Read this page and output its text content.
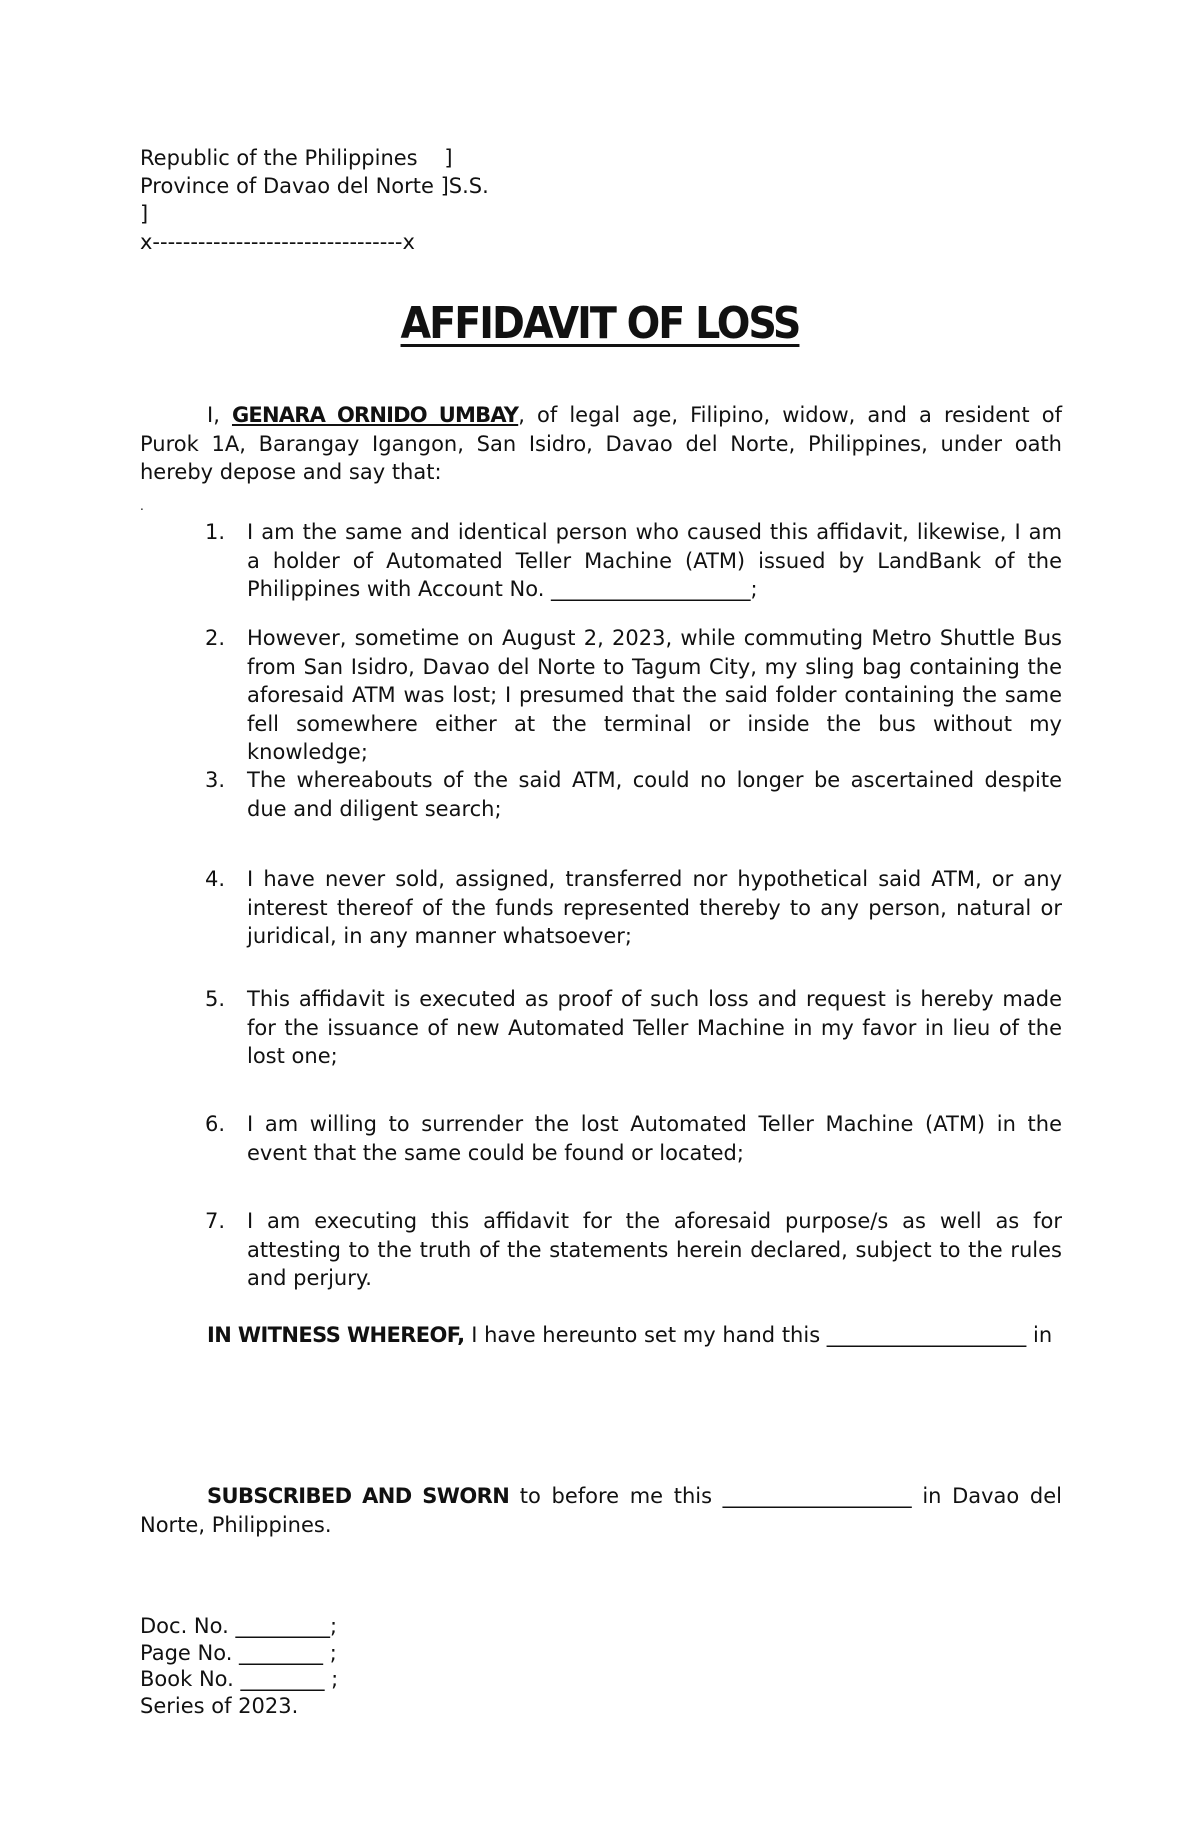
Republic of the Philippines    ]
Province of Davao del Norte ]S.S.
]
x---------------------------------x
AFFIDAVIT OF LOSS
I, GENARA ORNIDO UMBAY, of legal age, Filipino, widow, and a resident of Purok 1A, Barangay Igangon, San Isidro, Davao del Norte, Philippines, under oath hereby depose and say that:
.
1.	I am the same and identical person who caused this affidavit, likewise, I am a holder of Automated Teller Machine (ATM) issued by LandBank of the Philippines with Account No. ___________________;
2.	However, sometime on August 2, 2023, while commuting Metro Shuttle Bus from San Isidro, Davao del Norte to Tagum City, my sling bag containing the aforesaid ATM was lost; I presumed that the said folder containing the same fell somewhere either at the terminal or inside the bus without my knowledge;
3.	The whereabouts of the said ATM, could no longer be ascertained despite due and diligent search;
4.	I have never sold, assigned, transferred nor hypothetical said ATM, or any interest thereof of the funds represented thereby to any person, natural or juridical, in any manner whatsoever;
5.	This affidavit is executed as proof of such loss and request is hereby made for the issuance of new Automated Teller Machine in my favor in lieu of the lost one;
6.	I am willing to surrender the lost Automated Teller Machine (ATM) in the event that the same could be found or located;
7.	I am executing this affidavit for the aforesaid purpose/s as well as for attesting to the truth of the statements herein declared, subject to the rules and perjury.
IN WITNESS WHEREOF, I have hereunto set my hand this ___________________ in
SUBSCRIBED AND SWORN to before me this __________________ in Davao del Norte, Philippines.
Doc. No. _________;
Page No. ________ ;
Book No. ________ ;
Series of 2023.
